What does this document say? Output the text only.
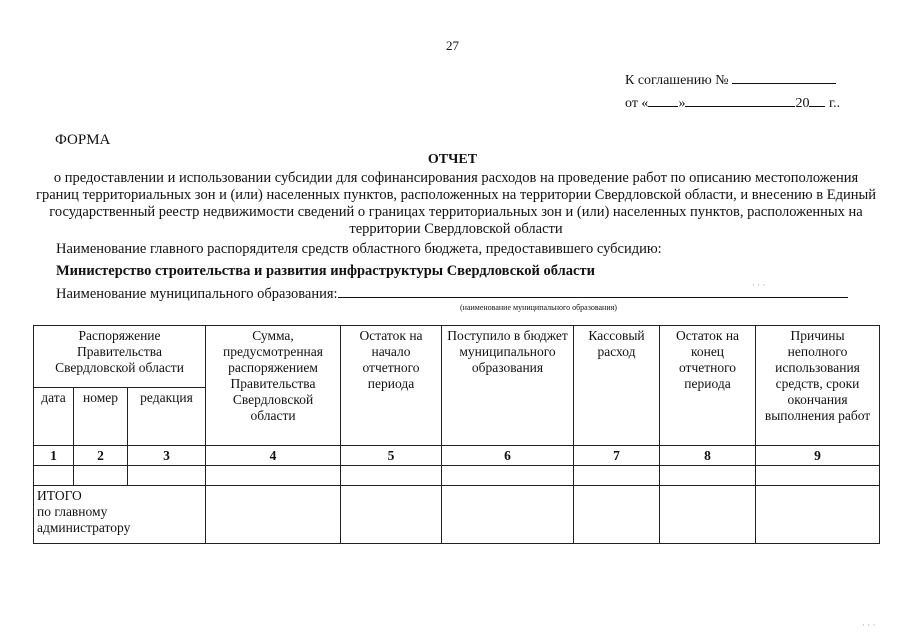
27
К соглашению №
от « »	20 г..
ФОРМА
ОТЧЕТ
о предоставлении и использовании субсидии для софинансирования расходов на проведение работ по описанию местоположения границ территориальных зон и (или) населенных пунктов, расположенных на территории Свердловской области, и внесению в Единый государственный реестр недвижимости сведений о границах территориальных зон и (или) населенных пунктов, расположенных на территории Свердловской области
Наименование главного распорядителя средств областного бюджета, предоставившего субсидию:
Министерство строительства и развития инфраструктуры Свердловской области
Наименование муниципального образования:
(наименование муниципального образования)
Распоряжение Правительства Свердловской области			Сумма, предусмотренная распоряжением Правительства Свердловской области	Остаток на начало отчетного периода	Поступило в бюджет муниципального образования	Кассовый расход	Остаток на конец отчетного периода	Причины неполного использования средств, сроки окончания выполнения работ
дата	номер	редакция						
1	2	3	4	5	6	7	8	9

ИТОГО
по главному администратору								

· · ·
· · ·
